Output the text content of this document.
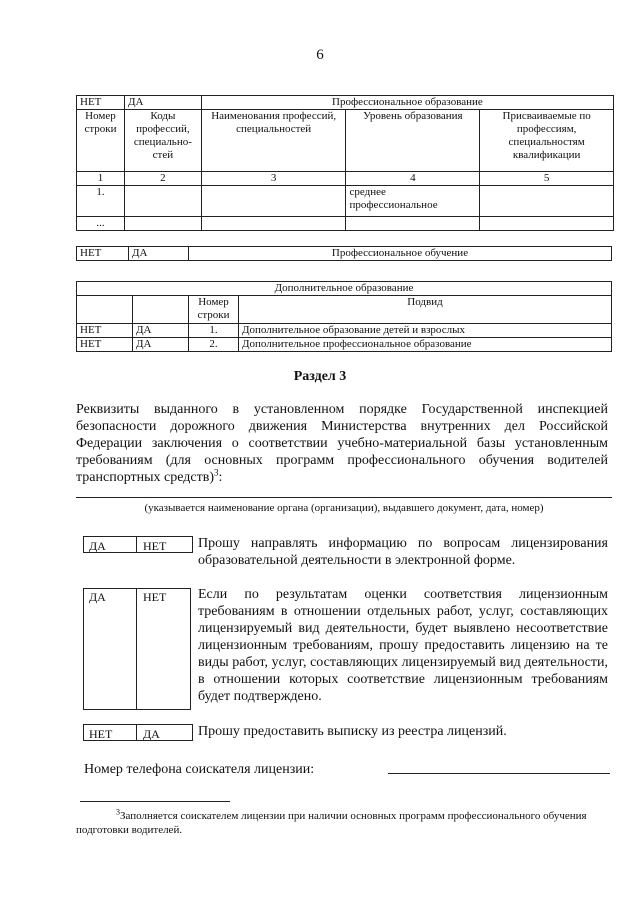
6
НЕТ	ДА	Профессиональное образование		
Номер строки	Коды профессий, специально-стей	Наименования профессий, специальностей	Уровень образования	Присваиваемые по профессиям, специальностям квалификации
1	2	3	4	5
1.			среднее профессиональное	
...				
НЕТ	ДА	Профессиональное обучение
Дополнительное образование			
		Номер строки	Подвид
НЕТ	ДА	1.	Дополнительное образование детей и взрослых
НЕТ	ДА	2.	Дополнительное профессиональное образование
Раздел 3
Реквизиты выданного в установленном порядке Государственной инспекцией безопасности дорожного движения Министерства внутренних дел Российской Федерации заключения о соответствии учебно-материальной базы установленным требованиям (для основных программ профессионального обучения водителей транспортных средств)$^3$:
(указывается наименование органа (организации), выдавшего документ, дата, номер)
ДА	НЕТ Прошу направлять информацию по вопросам лицензирования образовательной деятельности в электронной форме.
ДА	НЕТ Если по результатам оценки соответствия лицензионным требованиям в отношении отдельных работ, услуг, составляющих лицензируемый вид деятельности, будет выявлено несоответствие лицензионным требованиям, прошу предоставить лицензию на те виды работ, услуг, составляющих лицензируемый вид деятельности, в отношении которых соответствие лицензионным требованиям будет подтверждено.
НЕТ	ДА	Прошу предоставить выписку из реестра лицензий.
Номер телефона соискателя лицензии:
$^3$Заполняется соискателем лицензии при наличии основных программ профессионального обучения подготовки водителей.
